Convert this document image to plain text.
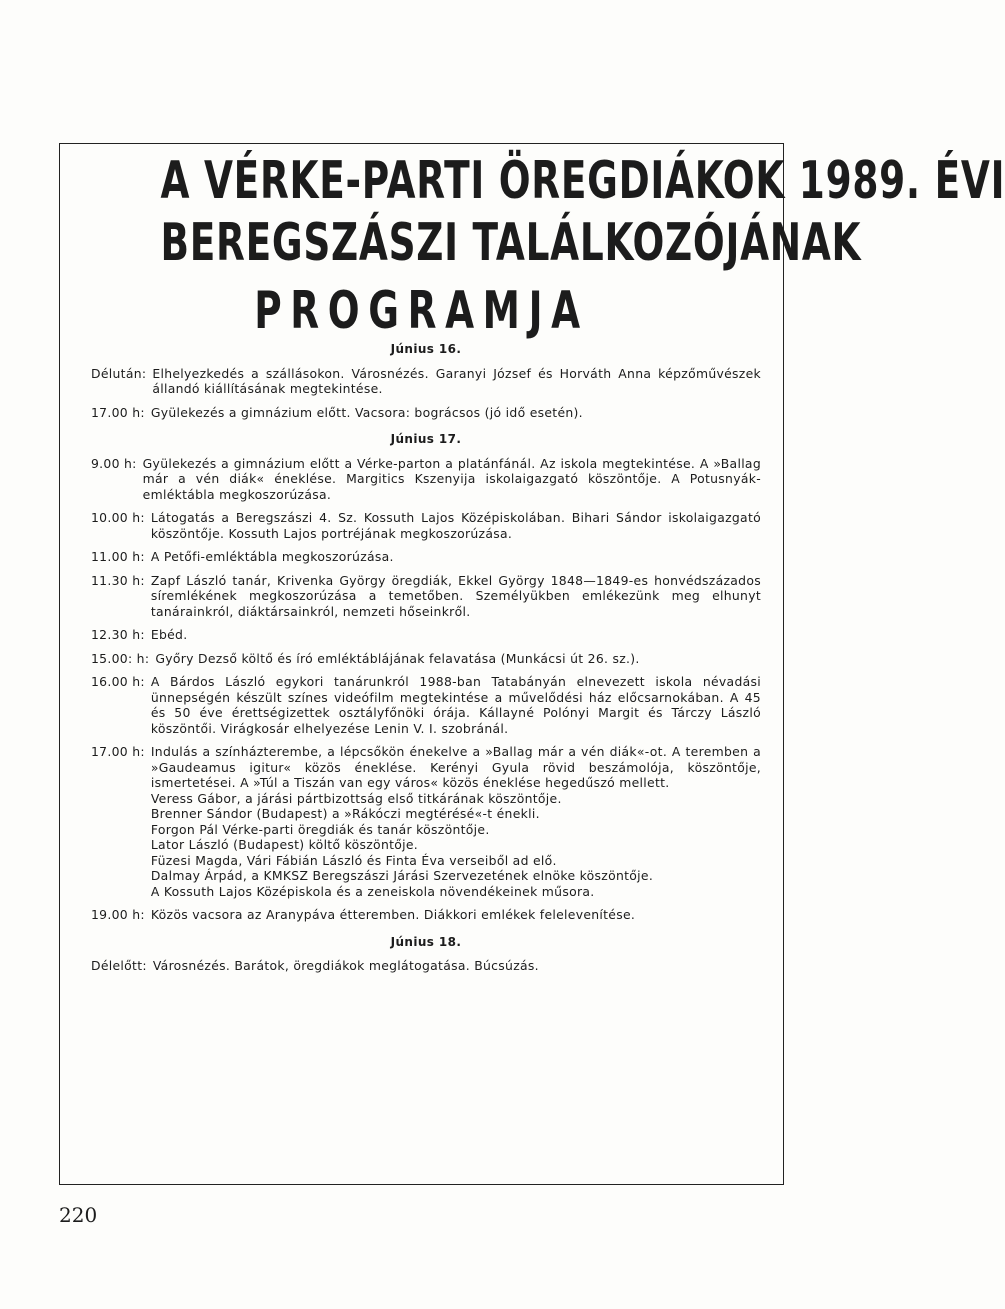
A VÉRKE-PARTI ÖREGDIÁKOK 1989. ÉVI
BEREGSZÁSZI TALÁLKOZÓJÁNAK
PROGRAMJA
Június 16.
Délután: Elhelyezkedés a szállásokon. Városnézés. Garanyi József és Horváth Anna képzőművészek állandó kiállításának megtekintése.
17.00 h: Gyülekezés a gimnázium előtt. Vacsora: bográcsos (jó idő esetén).
Június 17.
9.00 h: Gyülekezés a gimnázium előtt a Vérke-parton a platánfánál. Az iskola megtekintése. A »Ballag már a vén diák« éneklése. Margitics Kszenyija iskolaigazgató köszöntője. A Potusnyák-emléktábla megkoszorúzása.
10.00 h: Látogatás a Beregszászi 4. Sz. Kossuth Lajos Középiskolában. Bihari Sándor iskolaigazgató köszöntője. Kossuth Lajos portréjának megkoszorúzása.
11.00 h: A Petőfi-emléktábla megkoszorúzása.
11.30 h: Zapf László tanár, Krivenka György öregdiák, Ekkel György 1848—1849-es honvédszázados síremlékének megkoszorúzása a temetőben. Személyükben emlékezünk meg elhunyt tanárainkról, diáktársainkról, nemzeti hőseinkről.
12.30 h: Ebéd.
15.00: h: Győry Dezső költő és író emléktáblájának felavatása (Munkácsi út 26. sz.).
16.00 h: A Bárdos László egykori tanárunkról 1988-ban Tatabányán elnevezett iskola névadási ünnepségén készült színes videófilm megtekintése a művelődési ház előcsarnokában. A 45 és 50 éve érettségizettek osztályfőnöki órája. Kállayné Polónyi Margit és Tárczy László köszöntői. Virágkosár elhelyezése Lenin V. I. szobránál.
17.00 h: Indulás a színházterembe, a lépcsőkön énekelve a »Ballag már a vén diák«-ot. A teremben a »Gaudeamus igitur« közös éneklése. Kerényi Gyula rövid beszámolója, köszöntője, ismertetései. A »Túl a Tiszán van egy város« közös éneklése hegedűszó mellett.

Veress Gábor, a járási pártbizottság első titkárának köszöntője.

Brenner Sándor (Budapest) a »Rákóczi megtérésé«-t énekli.

Forgon Pál Vérke-parti öregdiák és tanár köszöntője.

Lator László (Budapest) költő köszöntője.

Füzesi Magda, Vári Fábián László és Finta Éva verseiből ad elő.

Dalmay Árpád, a KMKSZ Beregszászi Járási Szervezetének elnöke köszöntője.

A Kossuth Lajos Középiskola és a zeneiskola növendékeinek műsora.

19.00 h: Közös vacsora az Aranypáva étteremben. Diákkori emlékek felelevenítése.
Június 18.
Délelőtt: Városnézés. Barátok, öregdiákok meglátogatása. Búcsúzás.
220
